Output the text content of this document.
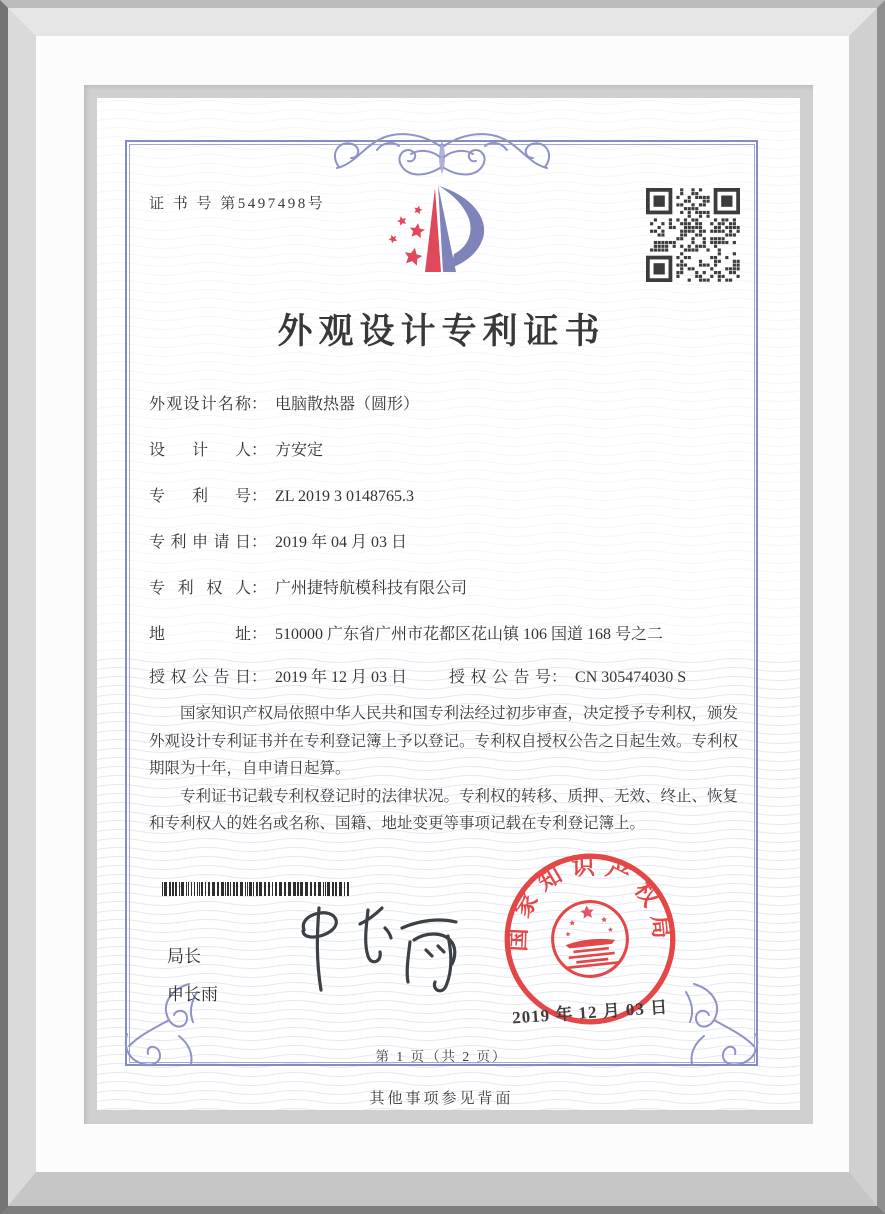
证 书 号 第5497498号
外观设计专利证书
外观设计名称： 电脑散热器（圆形）
设计人： 方安定
专利号： ZL 2019 3 0148765.3
专利申请日： 2019 年 04 月 03 日
专利权人： 广州捷特航模科技有限公司
地址： 510000 广东省广州市花都区花山镇 106 国道 168 号之二
授权公告日： 2019 年 12 月 03 日	授权公告号： CN 305474030 S

国家知识产权局依照中华人民共和国专利法经过初步审查，决定授予专利权，颁发外观设计专利证书并在专利登记簿上予以登记。专利权自授权公告之日起生效。专利权期限为十年，自申请日起算。

专利证书记载专利权登记时的法律状况。专利权的转移、质押、无效、终止、恢复和专利权人的姓名或名称、国籍、地址变更等事项记载在专利登记簿上。

局长
申长雨
国家知识产权局
2019 年 12 月 03 日
第 1 页（共 2 页）
其他事项参见背面
